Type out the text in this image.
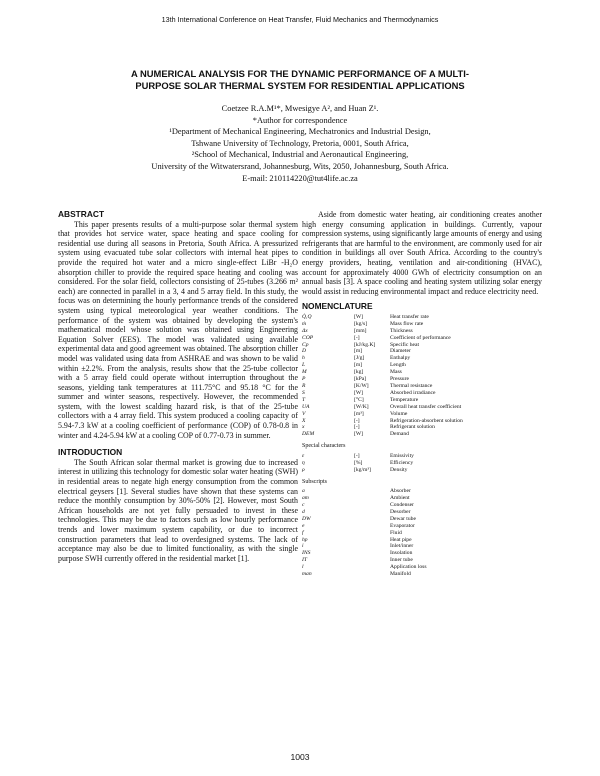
13th International Conference on Heat Transfer, Fluid Mechanics and Thermodynamics
A NUMERICAL ANALYSIS FOR THE DYNAMIC PERFORMANCE OF A MULTI-
PURPOSE SOLAR THERMAL SYSTEM FOR RESIDENTIAL APPLICATIONS
Coetzee R.A.M¹*, Mwesigye A², and Huan Z¹.
*Author for correspondence
¹Department of Mechanical Engineering, Mechatronics and Industrial Design,
Tshwane University of Technology, Pretoria, 0001, South Africa,
²School of Mechanical, Industrial and Aeronautical Engineering,
University of the Witwatersrand, Johannesburg, Wits, 2050, Johannesburg, South Africa.
E-mail: 210114220@tut4life.ac.za
ABSTRACT

This paper presents results of a multi-purpose solar thermal system that provides hot service water, space heating and space cooling for residential use during all seasons in Pretoria, South Africa. A pressurized system using evacuated tube solar collectors with internal heat pipes to provide the required hot water and a micro single-effect LiBr -H₂O absorption chiller to provide the required space heating and cooling was considered. For the solar field, collectors consisting of 25-tubes (3.266 m² each) are connected in parallel in a 3, 4 and 5 array field. In this study, the focus was on determining the hourly performance trends of the considered system using typical meteorological year weather conditions. The performance of the system was obtained by developing the system's mathematical model whose solution was obtained using Engineering Equation Solver (EES). The model was validated using available experimental data and good agreement was obtained. The absorption chiller model was validated using data from ASHRAE and was shown to be valid within ±2.2%. From the analysis, results show that the 25-tube collector with a 5 array field could operate without interruption throughout the seasons, yielding tank temperatures at 111.75°C and 95.18 °C for the summer and winter seasons, respectively. However, the recommended system, with the lowest scalding hazard risk, is that of the 25-tube collectors with a 4 array field. This system produced a cooling capacity of 5.94-7.3 kW at a cooling coefficient of performance (COP) of 0.78-0.8 in winter and 4.24-5.94 kW at a cooling COP of 0.77-0.73 in summer.

INTRODUCTION

The South African solar thermal market is growing due to increased interest in utilizing this technology for domestic solar water heating (SWH) in residential areas to negate high energy consumption from the common electrical geysers [1]. Several studies have shown that these systems can reduce the monthly consumption by 30%-50% [2]. However, most South African households are not yet fully persuaded to invest in these technologies. This may be due to factors such as low hourly performance trends and lower maximum system capability, or due to incorrect construction parameters that lead to overdesigned systems. The lack of acceptance may also be due to limited functionality, as with the single purpose SWH currently offered in the residential market [1].

Aside from domestic water heating, air conditioning creates another high energy consuming application in buildings. Currently, vapour compression systems, using significantly large amounts of energy and using refrigerants that are harmful to the environment, are commonly used for air condition in buildings all over South Africa. According to the country's energy providers, heating, ventilation and air-conditioning (HVAC), account for approximately 4000 GWh of electricity consumption on an annual basis [3]. A space cooling and heating system utilizing solar energy would assist in reducing environmental impact and reduce electricity need.

NOMENCLATURE
Q̇,Q	[W]	Heat transfer rate
ṁ	[kg/s]	Mass flow rate
Δx	[mm]	Thickness
COP	[-]	Coefficient of performance
Cp	[kJ/kg.K]	Specific heat
D	[m]	Diameter
h	[J/g]	Enthalpy
L	[m]	Length
M	[kg]	Mass
P	[kPa]	Pressure
R	[K/W]	Thermal resistance
S	[W]	Absorbed irradiance
T	[°C]	Temperature
UA	[W/K]	Overall heat transfer coefficient
V	[m³]	Volume
X	[-]	Refrigeration-absorbent solution
x	[-]	Refrigerant solution
DEM	[W]	Demand
Special characters
ε	[-]	Emissivity
η	[%]	Efficiency
ρ	[kg/m³]	Density
Subscripts
a		Absorber
am		Ambient
c		Condenser
d		Desorber
DW		Dewar tube
e		Evaporator
f		Fluid
hp		Heat pipe
i		Inlet/inner
INS		Insolation
IT		Inner tube
l		Application loss
man		Manifold
1003
